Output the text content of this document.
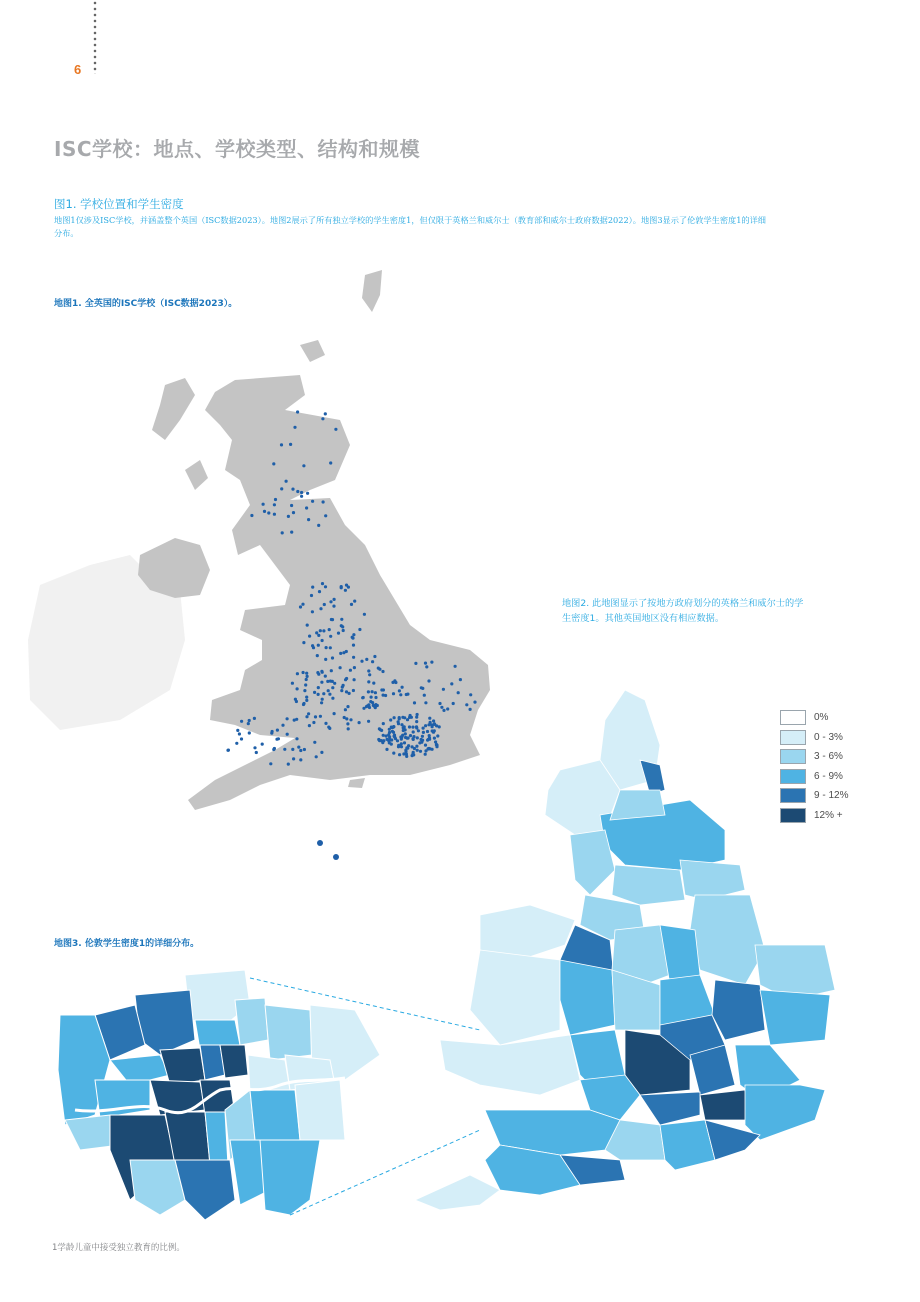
6
ISC学校：地点、学校类型、结构和规模
图1. 学校位置和学生密度
地图1仅涉及ISC学校，并涵盖整个英国（ISC数据2023）。地图2展示了所有独立学校的学生密度1，但仅限于英格兰和威尔士（教育部和威尔士政府数据2022）。地图3显示了伦敦学生密度1的详细分布。
地图1. 全英国的ISC学校（ISC数据2023）。
地图2. 此地图显示了按地方政府划分的英格兰和威尔士的学生密度1。其他英国地区没有相应数据。
地图3. 伦敦学生密度1的详细分布。
1学龄儿童中接受独立教育的比例。
0%
0 - 3%
3 - 6%
6 - 9%
9 - 12%
12% +
